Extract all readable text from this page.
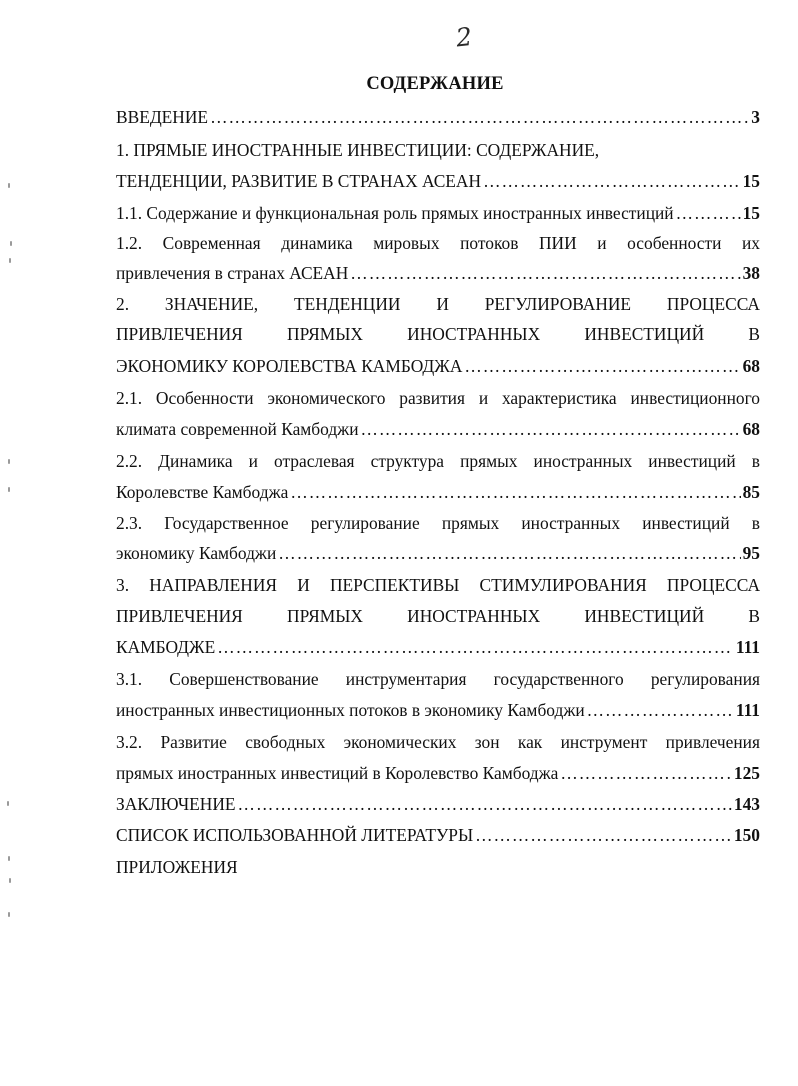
2
СОДЕРЖАНИЕ
ВВЕДЕНИЕ ………………………………………………………………………………………………………………………………………………………………………………………	3
1. ПРЯМЫЕ ИНОСТРАННЫЕ ИНВЕСТИЦИИ: СОДЕРЖАНИЕ,
ТЕНДЕНЦИИ, РАЗВИТИЕ В СТРАНАХ АСЕАН ………………………………………………………………………………………………………………………………………………………………………………………	15
1.1. Содержание и функциональная роль прямых иностранных инвестиций ………………………………………………………………………………………………………………………………………………………………………………………	15
1.2. Современная динамика мировых потоков ПИИ и особенности их
привлечения в странах АСЕАН ………………………………………………………………………………………………………………………………………………………………………………………	38
2. ЗНАЧЕНИЕ, ТЕНДЕНЦИИ И РЕГУЛИРОВАНИЕ ПРОЦЕССА
ПРИВЛЕЧЕНИЯ ПРЯМЫХ ИНОСТРАННЫХ ИНВЕСТИЦИЙ В
ЭКОНОМИКУ КОРОЛЕВСТВА КАМБОДЖА ………………………………………………………………………………………………………………………………………………………………………………………	68
2.1. Особенности экономического развития и характеристика инвестиционного
климата современной Камбоджи ………………………………………………………………………………………………………………………………………………………………………………………	68
2.2. Динамика и отраслевая структура прямых иностранных инвестиций в
Королевстве Камбоджа ………………………………………………………………………………………………………………………………………………………………………………………	85
2.3. Государственное регулирование прямых иностранных инвестиций в
экономику Камбоджи ………………………………………………………………………………………………………………………………………………………………………………………	95
3. НАПРАВЛЕНИЯ И ПЕРСПЕКТИВЫ СТИМУЛИРОВАНИЯ ПРОЦЕССА
ПРИВЛЕЧЕНИЯ ПРЯМЫХ ИНОСТРАННЫХ ИНВЕСТИЦИЙ В
КАМБОДЖЕ ………………………………………………………………………………………………………………………………………………………………………………………	111
3.1. Совершенствование инструментария государственного регулирования
иностранных инвестиционных потоков в экономику Камбоджи ………………………………………………………………………………………………………………………………………………………………………………………	111
3.2. Развитие свободных экономических зон как инструмент привлечения
прямых иностранных инвестиций в Королевство Камбоджа ………………………………………………………………………………………………………………………………………………………………………………………	125
ЗАКЛЮЧЕНИЕ ………………………………………………………………………………………………………………………………………………………………………………………	143
СПИСОК ИСПОЛЬЗОВАННОЙ ЛИТЕРАТУРЫ ………………………………………………………………………………………………………………………………………………………………………………………	150
ПРИЛОЖЕНИЯ
